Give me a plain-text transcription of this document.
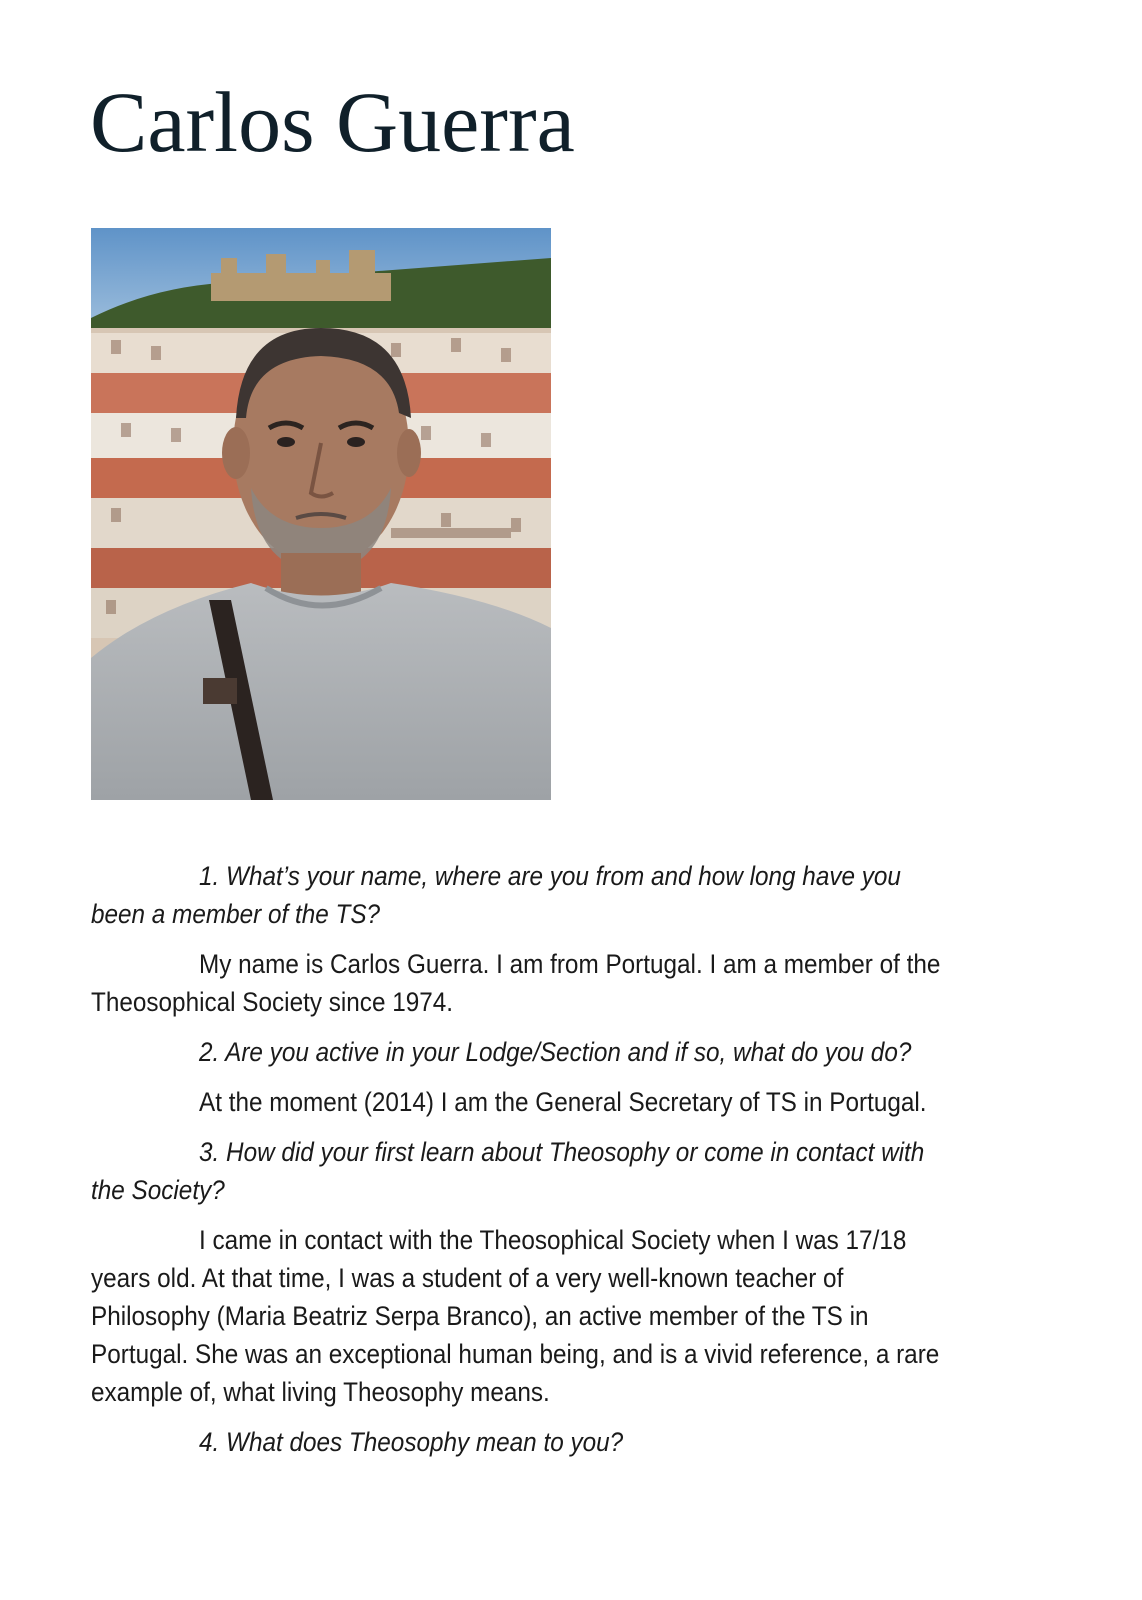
Carlos Guerra

1. What’s your name, where are you from and how long have you been a member of the TS?

My name is Carlos Guerra. I am from Portugal. I am a member of the Theosophical Society since 1974.

2. Are you active in your Lodge/Section and if so, what do you do?

At the moment (2014) I am the General Secretary of TS in Portugal.

3. How did your first learn about Theosophy or come in contact with the Society?

I came in contact with the Theosophical Society when I was 17/18 years old. At that time, I was a student of a very well-known teacher of Philosophy (Maria Beatriz Serpa Branco), an active member of the TS in Portugal. She was an exceptional human being, and is a vivid reference, a rare example of, what living Theosophy means.

4. What does Theosophy mean to you?
